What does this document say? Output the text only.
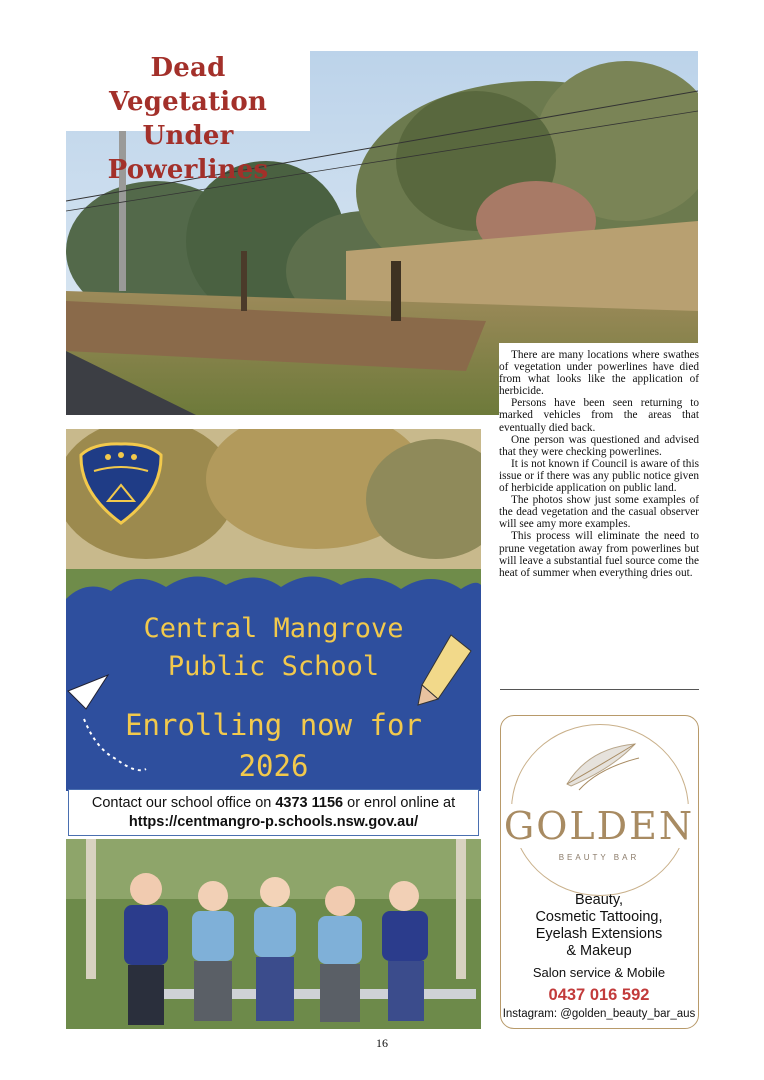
Dead Vegetation
Under Powerlines

There are many locations where swathes of vegetation under powerlines have died from what looks like the application of herbicide.

Persons have been seen returning to marked vehicles from the areas that eventually died back.

One person was questioned and advised that they were checking powerlines.

It is not known if Council is aware of this issue or if there was any public notice given of herbicide application on public land.

The photos show just some examples of the dead vegetation and the casual observer will see amy more examples.

This process will eliminate the need to prune vegetation away from powerlines but will leave a substantial fuel source come the heat of summer when everything dries out.

Central Mangrove
Public School
Enrolling now for
2026
Contact our school office on 4373 1156 or enrol online at
https://centmangro-p.schools.nsw.gov.au/	GOLDEN
BEAUTY BAR
Beauty,
Cosmetic Tattooing,
Eyelash Extensions
& Makeup
Salon service & Mobile
0437 016 592
Instagram: @golden_beauty_bar_aus
16
